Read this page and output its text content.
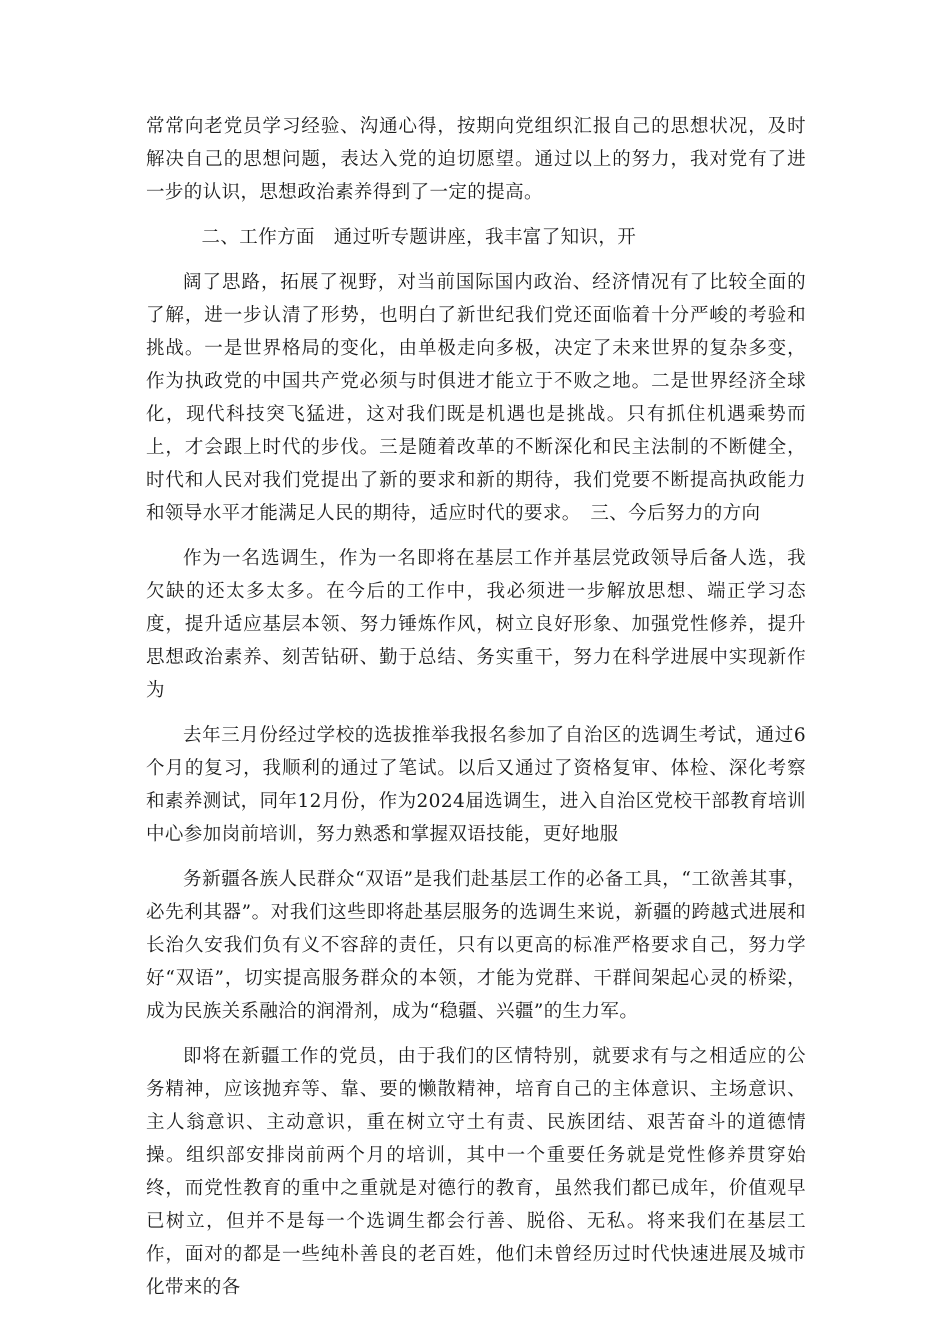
常常向老党员学习经验、沟通心得，按期向党组织汇报自己的思想状况，及时解决自己的思想问题，表达入党的迫切愿望。通过以上的努力，我对党有了进一步的认识，思想政治素养得到了一定的提高。

二、工作方面　通过听专题讲座，我丰富了知识，开

阔了思路，拓展了视野，对当前国际国内政治、经济情况有了比较全面的了解，进一步认清了形势，也明白了新世纪我们党还面临着十分严峻的考验和挑战。一是世界格局的变化，由单极走向多极，决定了未来世界的复杂多变，作为执政党的中国共产党必须与时俱进才能立于不败之地。二是世界经济全球化，现代科技突飞猛进，这对我们既是机遇也是挑战。只有抓住机遇乘势而上，才会跟上时代的步伐。三是随着改革的不断深化和民主法制的不断健全，时代和人民对我们党提出了新的要求和新的期待，我们党要不断提高执政能力和领导水平才能满足人民的期待，适应时代的要求。　三、今后努力的方向

作为一名选调生，作为一名即将在基层工作并基层党政领导后备人选，我欠缺的还太多太多。在今后的工作中，我必须进一步解放思想、端正学习态度，提升适应基层本领、努力锤炼作风，树立良好形象、加强党性修养，提升思想政治素养、刻苦钻研、勤于总结、务实重干，努力在科学进展中实现新作为

去年三月份经过学校的选拔推举我报名参加了自治区的选调生考试，通过6个月的复习，我顺利的通过了笔试。以后又通过了资格复审、体检、深化考察和素养测试，同年12月份，作为2024届选调生，进入自治区党校干部教育培训中心参加岗前培训，努力熟悉和掌握双语技能，更好地服

务新疆各族人民群众“双语”是我们赴基层工作的必备工具，“工欲善其事，必先利其器”。对我们这些即将赴基层服务的选调生来说，新疆的跨越式进展和长治久安我们负有义不容辞的责任，只有以更高的标准严格要求自己，努力学好“双语”，切实提高服务群众的本领，才能为党群、干群间架起心灵的桥梁，成为民族关系融洽的润滑剂，成为“稳疆、兴疆”的生力军。

即将在新疆工作的党员，由于我们的区情特别，就要求有与之相适应的公务精神，应该抛弃等、靠、要的懒散精神，培育自己的主体意识、主场意识、主人翁意识、主动意识，重在树立守土有责、民族团结、艰苦奋斗的道德情操。组织部安排岗前两个月的培训，其中一个重要任务就是党性修养贯穿始终，而党性教育的重中之重就是对德行的教育，虽然我们都已成年，价值观早已树立，但并不是每一个选调生都会行善、脱俗、无私。将来我们在基层工作，面对的都是一些纯朴善良的老百姓，他们未曾经历过时代快速进展及城市化带来的各
